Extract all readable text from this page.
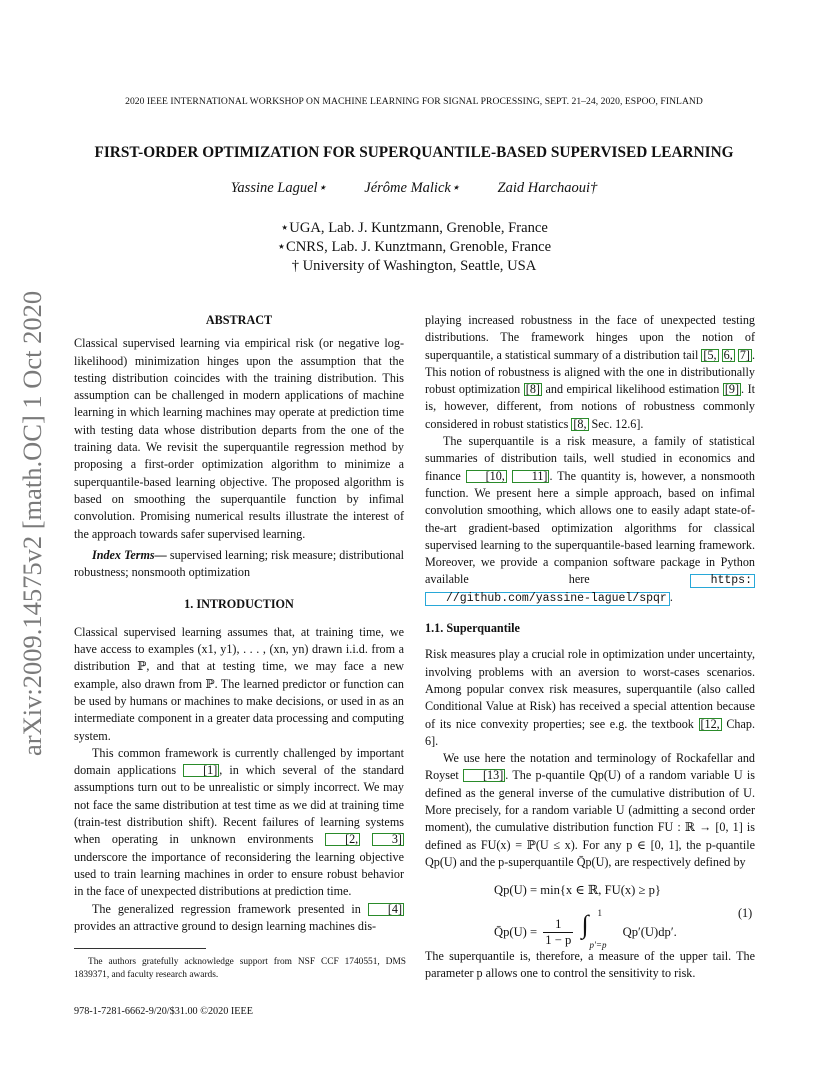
2020 IEEE INTERNATIONAL WORKSHOP ON MACHINE LEARNING FOR SIGNAL PROCESSING, SEPT. 21–24, 2020, ESPOO, FINLAND
FIRST-ORDER OPTIMIZATION FOR SUPERQUANTILE-BASED SUPERVISED LEARNING
Yassine Laguel⋆	Jérôme Malick⋆	Zaid Harchaoui†
⋆UGA, Lab. J. Kuntzmann, Grenoble, France
⋆CNRS, Lab. J. Kunztmann, Grenoble, France
† University of Washington, Seattle, USA
arXiv:2009.14575v2 [math.OC] 1 Oct 2020	ABSTRACT

Classical supervised learning via empirical risk (or negative log-likelihood) minimization hinges upon the assumption that the testing distribution coincides with the training distribution. This assumption can be challenged in modern applications of machine learning in which learning machines may operate at prediction time with testing data whose distribution departs from the one of the training data. We revisit the superquantile regression method by proposing a first-order optimization algorithm to minimize a superquantile-based learning objective. The proposed algorithm is based on smoothing the superquantile function by infimal convolution. Promising numerical results illustrate the interest of the approach towards safer supervised learning.

Index Terms— supervised learning; risk measure; distributional robustness; nonsmooth optimization

1. INTRODUCTION

Classical supervised learning assumes that, at training time, we have access to examples (x1, y1), . . . , (xn, yn) drawn i.i.d. from a distribution ℙ, and that at testing time, we may face a new example, also drawn from ℙ. The learned predictor or function can be used by humans or machines to make decisions, or used in as an intermediate component in a greater data processing and computing system.

This common framework is currently challenged by important domain applications [1] , in which several of the standard assumptions turn out to be unrealistic or simply incorrect. We may not face the same distribution at test time as we did at training time (train-test distribution shift). Recent failures of learning systems when operating in unknown environments [2,	3] underscore the importance of reconsidering the learning objective used to train learning machines in order to ensure robust behavior in the face of unexpected distributions at prediction time.

The generalized regression framework presented in [4] provides an attractive ground to design learning machines dis-

The authors gratefully acknowledge support from NSF CCF 1740551, DMS 1839371, and faculty research awards.
978-1-7281-6662-9/20/$31.00 ©2020 IEEE

playing increased robustness in the face of unexpected testing distributions. The framework hinges upon the notion of superquantile, a statistical summary of a distribution tail [5, 6, 7] . This notion of robustness is aligned with the one in distributionally robust optimization [8] and empirical likelihood estimation [9] . It is, however, different, from notions of robustness commonly considered in robust statistics [8, Sec. 12.6].

The superquantile is a risk measure, a family of statistical summaries of distribution tails, well studied in economics and finance [10, 11] . The quantity is, however, a nonsmooth function. We present here a simple approach, based on infimal convolution smoothing, which allows one to easily adapt state-of-the-art gradient-based optimization algorithms for classical supervised learning to the superquantile-based learning framework. Moreover, we provide a companion software package in Python available here https: //github.com/yassine-laguel/spqr .

1.1. Superquantile

Risk measures play a crucial role in optimization under uncertainty, involving problems with an aversion to worst-cases scenarios. Among popular convex risk measures, superquantile (also called Conditional Value at Risk) has received a special attention because of its nice convexity properties; see e.g. the textbook [12, Chap. 6].

We use here the notation and terminology of Rockafellar and Royset [13] . The p-quantile Qp(U) of a random variable U is defined as the general inverse of the cumulative distribution of U. More precisely, for a random variable U (admitting a second order moment), the cumulative distribution function FU : ℝ → [0, 1] is defined as FU(x) = ℙ(U ≤ x). For any p ∈ [0, 1], the p-quantile Qp(U) and the p-superquantile Q̄p(U), are respectively defined by

Qp(U) = min{x ∈ ℝ, FU(x) ≥ p}
Q̄p(U) = $\frac{1}{1 - p}$
∫ 1
p′=p
Qp′(U)dp′.
(1)

The superquantile is, therefore, a measure of the upper tail. The parameter p allows one to control the sensitivity to risk.
